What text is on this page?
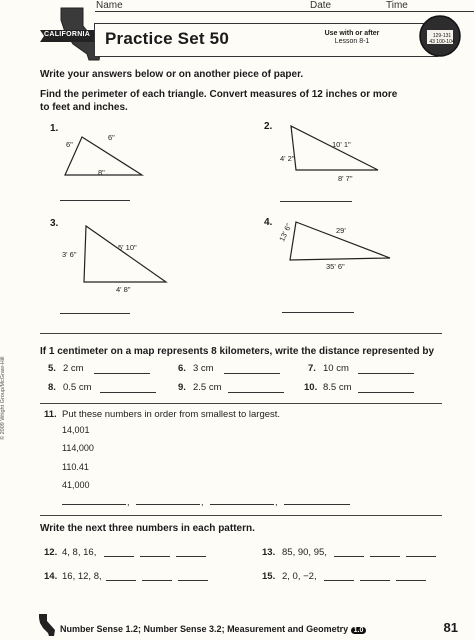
Name	Date	Time
CALIFORNIA Practice Set 50	Use with or after
Lesson 8-1
129-131
43 100-104
Write your answers below or on another piece of paper.
Find the perimeter of each triangle. Convert measures of 12 inches or more to feet and inches.
1.
6"
6"
8"
2.
10' 1"
4' 2"
8' 7"
3.
5' 10"
3' 6"
4' 8"
4. 13' 6"	29'
35' 6"
If 1 centimeter on a map represents 8 kilometers, write the distance represented by
5. 2 cm	6. 3 cm	7. 10 cm
8. 0.5 cm	9. 2.5 cm	10. 8.5 cm
11. Put these numbers in order from smallest to largest.
14,001
114,000
110.41
41,000
,	,	,
Write the next three numbers in each pattern.
12. 4, 8, 16,	13. 85, 90, 95,
14. 16, 12, 8,	15. 2, 0, −2,
© 2009 Wright Group/McGraw-Hill
Number Sense 1.2; Number Sense 3.2; Measurement and Geometry 1.0	81
